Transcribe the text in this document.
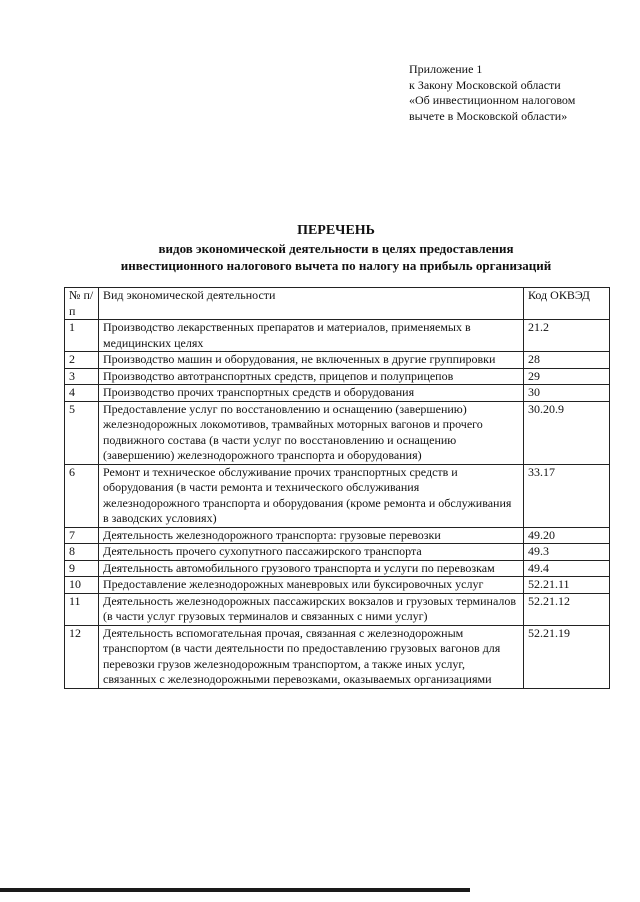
Приложение 1
к Закону Московской области
«Об инвестиционном налоговом
вычете в Московской области»
ПЕРЕЧЕНЬ
видов экономической деятельности в целях предоставления
инвестиционного налогового вычета по налогу на прибыль организаций
№ п/п	Вид экономической деятельности	Код ОКВЭД
1	Производство лекарственных препаратов и материалов, применяемых в медицинских целях	21.2
2	Производство машин и оборудования, не включенных в другие группировки	28
3	Производство автотранспортных средств, прицепов и полуприцепов	29
4	Производство прочих транспортных средств и оборудования	30
5	Предоставление услуг по восстановлению и оснащению (завершению) железнодорожных локомотивов, трамвайных моторных вагонов и прочего подвижного состава (в части услуг по восстановлению и оснащению (завершению) железнодорожного транспорта и оборудования)	30.20.9
6	Ремонт и техническое обслуживание прочих транспортных средств и оборудования (в части ремонта и технического обслуживания железнодорожного транспорта и оборудования (кроме ремонта и обслуживания в заводских условиях)	33.17
7	Деятельность железнодорожного транспорта: грузовые перевозки	49.20
8	Деятельность прочего сухопутного пассажирского транспорта	49.3
9	Деятельность автомобильного грузового транспорта и услуги по перевозкам	49.4
10	Предоставление железнодорожных маневровых или буксировочных услуг	52.21.11
11	Деятельность железнодорожных пассажирских вокзалов и грузовых терминалов (в части услуг грузовых терминалов и связанных с ними услуг)	52.21.12
12	Деятельность вспомогательная прочая, связанная с железнодорожным транспортом (в части деятельности по предоставлению грузовых вагонов для перевозки грузов железнодорожным транспортом, а также иных услуг, связанных с железнодорожными перевозками, оказываемых организациями	52.21.19
